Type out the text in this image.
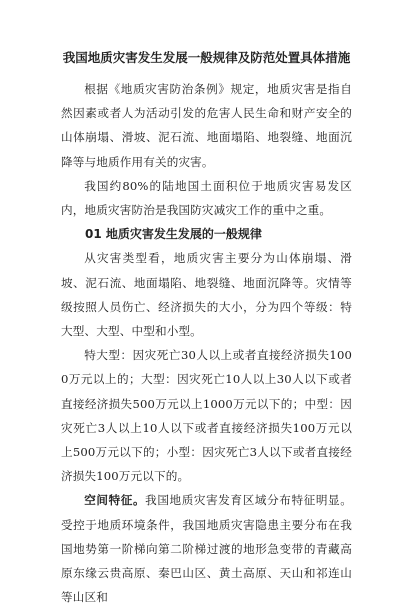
我国地质灾害发生发展一般规律及防范处置具体措施

根据《地质灾害防治条例》规定，地质灾害是指自然因素或者人为活动引发的危害人民生命和财产安全的山体崩塌、滑坡、泥石流、地面塌陷、地裂缝、地面沉降等与地质作用有关的灾害。

我国约80%的陆地国土面积位于地质灾害易发区内，地质灾害防治是我国防灾减灾工作的重中之重。

01 地质灾害发生发展的一般规律

从灾害类型看，地质灾害主要分为山体崩塌、滑坡、泥石流、地面塌陷、地裂缝、地面沉降等。灾情等级按照人员伤亡、经济损失的大小，分为四个等级：特大型、大型、中型和小型。

特大型：因灾死亡30人以上或者直接经济损失1000万元以上的；大型：因灾死亡10人以上30人以下或者直接经济损失500万元以上1000万元以下的；中型：因灾死亡3人以上10人以下或者直接经济损失100万元以上500万元以下的；小型：因灾死亡3人以下或者直接经济损失100万元以下的。

空间特征。我国地质灾害发育区域分布特征明显。受控于地质环境条件，我国地质灾害隐患主要分布在我国地势第一阶梯向第二阶梯过渡的地形急变带的青藏高原东缘云贵高原、秦巴山区、黄土高原、天山和祁连山等山区和
